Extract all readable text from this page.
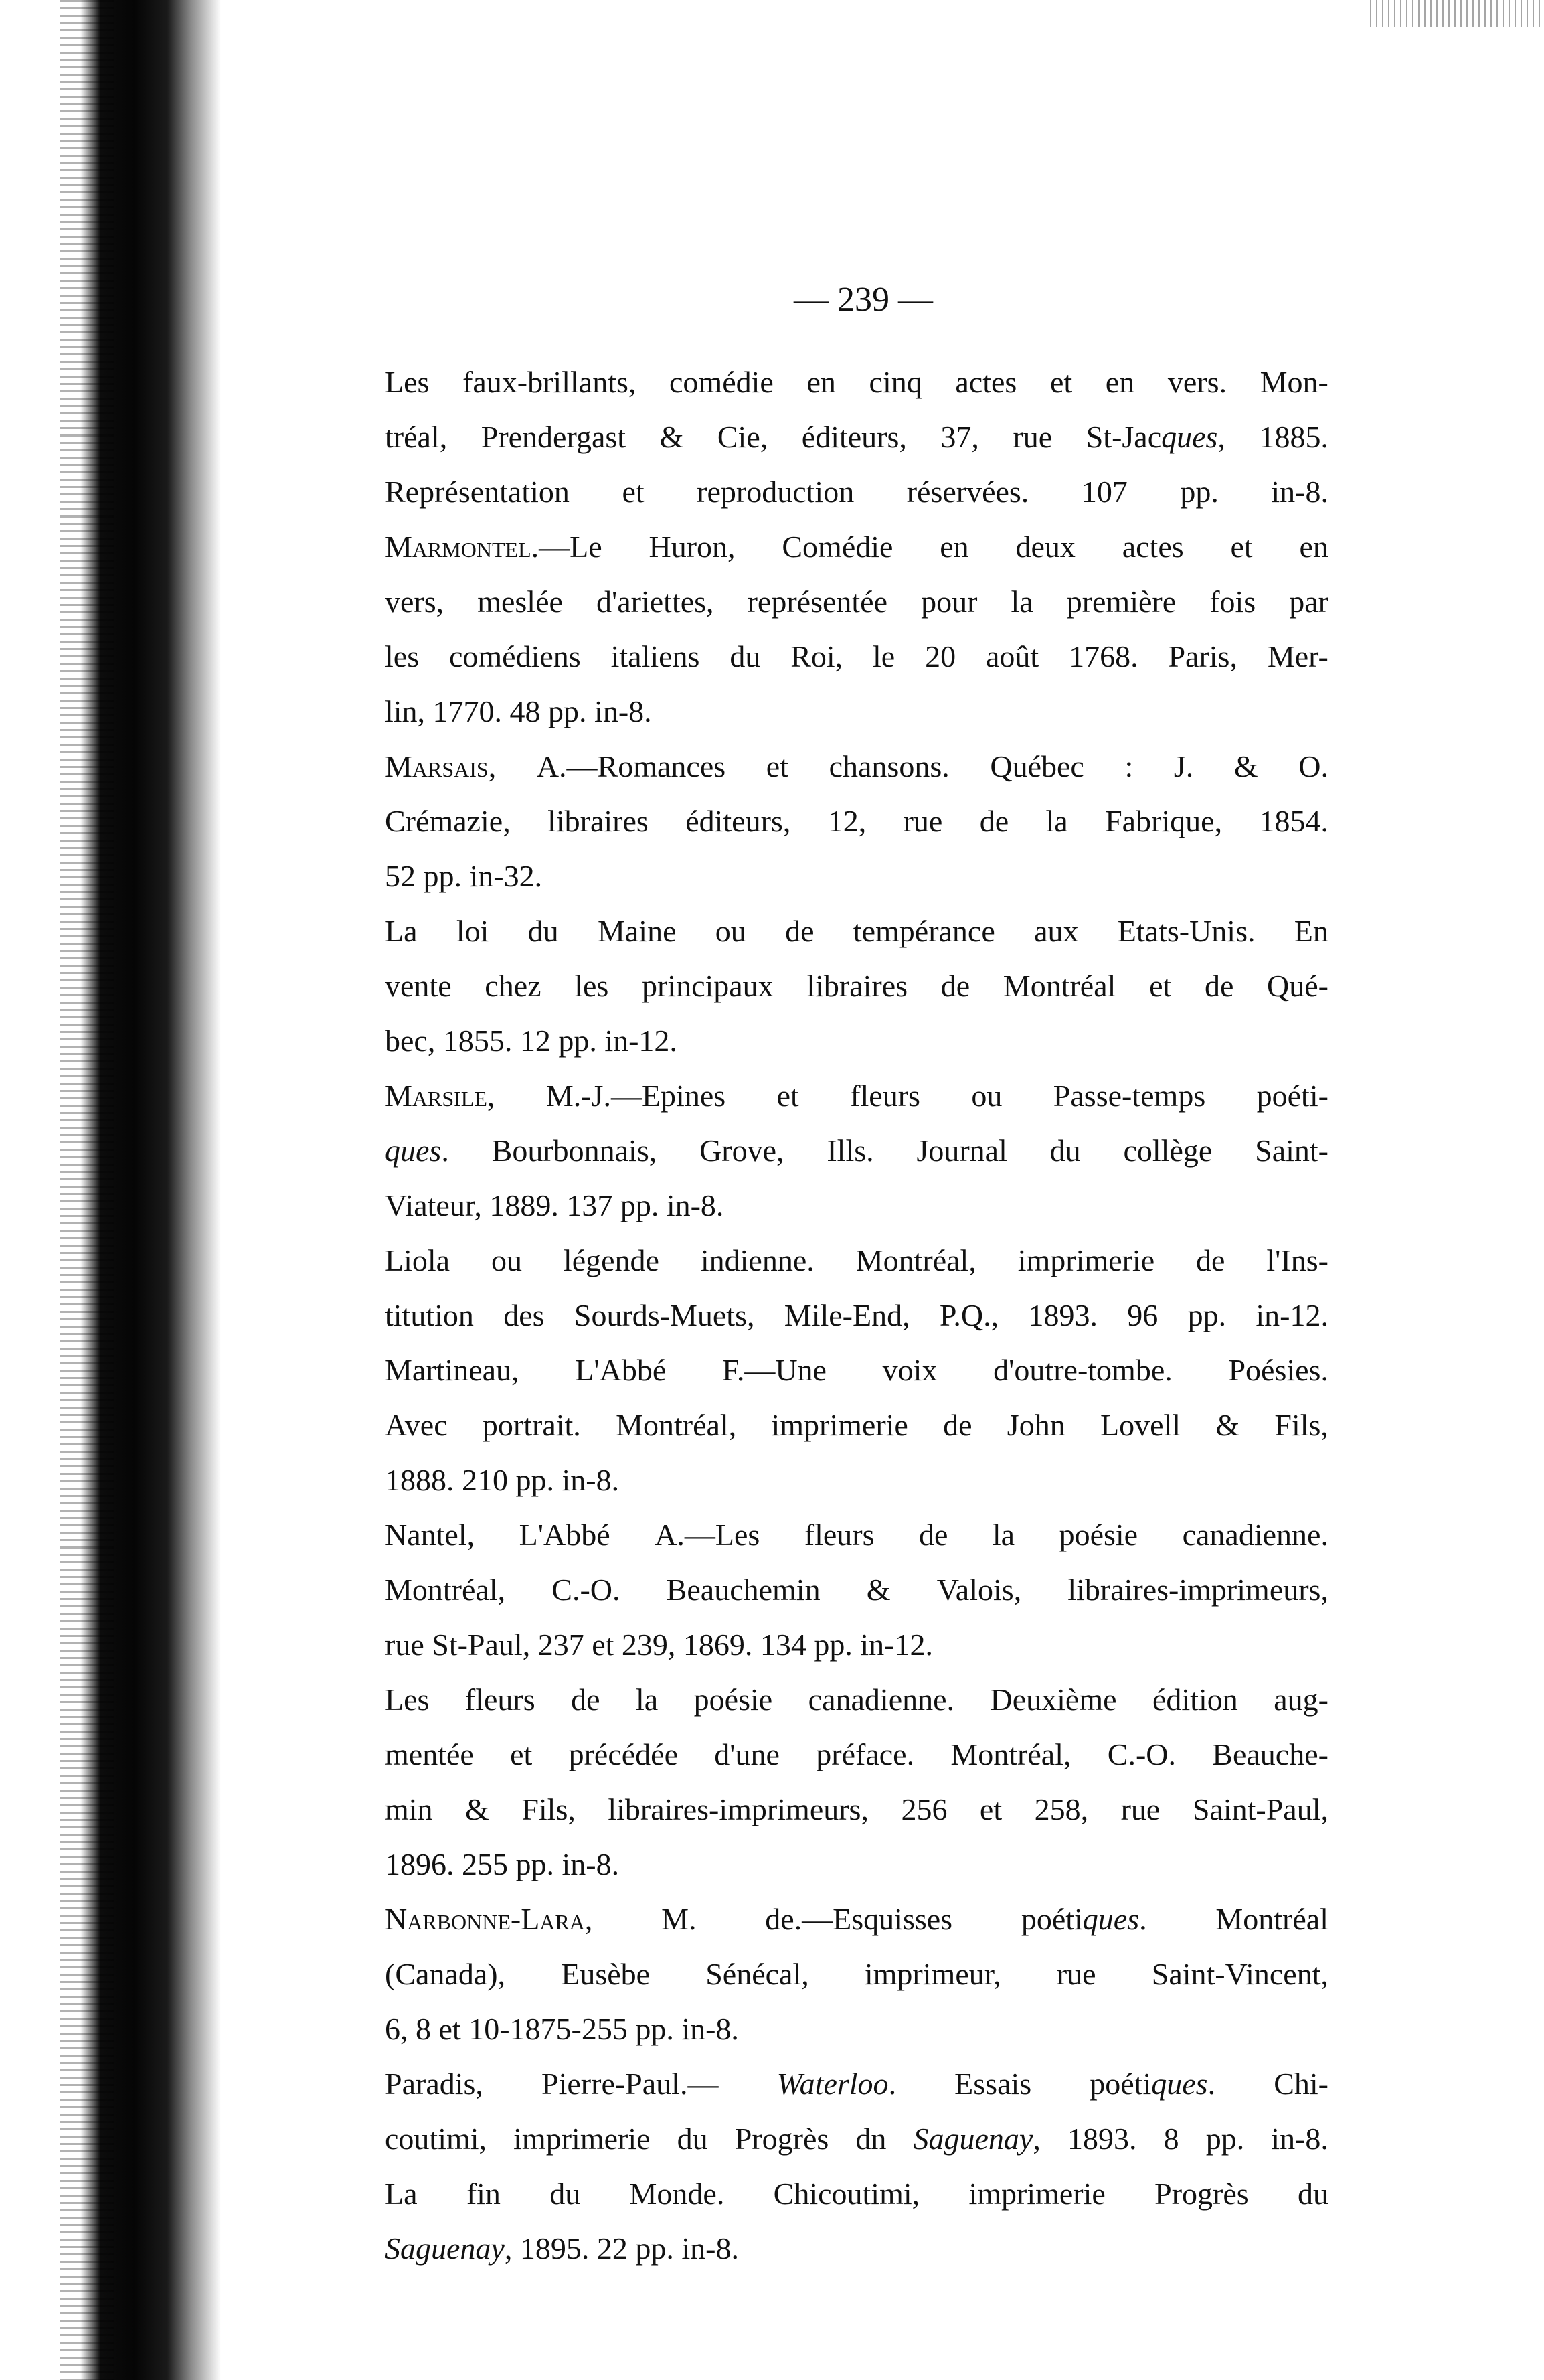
— 239 —
Les faux-brillants, comédie en cinq actes et en vers. Mon-
tréal, Prendergast & Cie, éditeurs, 37, rue St-Jacques, 1885.
Représentation et reproduction réservées. 107 pp. in-8.
Marmontel.—Le Huron, Comédie en deux actes et en
vers, meslée d'ariettes, représentée pour la première fois par
les comédiens italiens du Roi, le 20 août 1768. Paris, Mer-
lin, 1770. 48 pp. in-8.
Marsais, A.—Romances et chansons. Québec : J. & O.
Crémazie, libraires éditeurs, 12, rue de la Fabrique, 1854.
52 pp. in-32.
La loi du Maine ou de tempérance aux Etats-Unis. En
vente chez les principaux libraires de Montréal et de Qué-
bec, 1855. 12 pp. in-12.
Marsile, M.-J.—Epines et fleurs ou Passe-temps poéti-
ques. Bourbonnais, Grove, Ills. Journal du collège Saint-
Viateur, 1889. 137 pp. in-8.
Liola ou légende indienne. Montréal, imprimerie de l'Ins-
titution des Sourds-Muets, Mile-End, P.Q., 1893. 96 pp. in-12.
Martineau, L'Abbé F.—Une voix d'outre-tombe. Poésies.
Avec portrait. Montréal, imprimerie de John Lovell & Fils,
1888. 210 pp. in-8.
Nantel, L'Abbé A.—Les fleurs de la poésie canadienne.
Montréal, C.-O. Beauchemin & Valois, libraires-imprimeurs,
rue St-Paul, 237 et 239, 1869. 134 pp. in-12.
Les fleurs de la poésie canadienne. Deuxième édition aug-
mentée et précédée d'une préface. Montréal, C.-O. Beauche-
min & Fils, libraires-imprimeurs, 256 et 258, rue Saint-Paul,
1896. 255 pp. in-8.
Narbonne-Lara, M. de.—Esquisses poétiques. Montréal
(Canada), Eusèbe Sénécal, imprimeur, rue Saint-Vincent,
6, 8 et 10-1875-255 pp. in-8.
Paradis, Pierre-Paul.— Waterloo. Essais poétiques. Chi-
coutimi, imprimerie du Progrès dn Saguenay, 1893. 8 pp. in-8.
La fin du Monde. Chicoutimi, imprimerie Progrès du
Saguenay , 1895. 22 pp. in-8.
